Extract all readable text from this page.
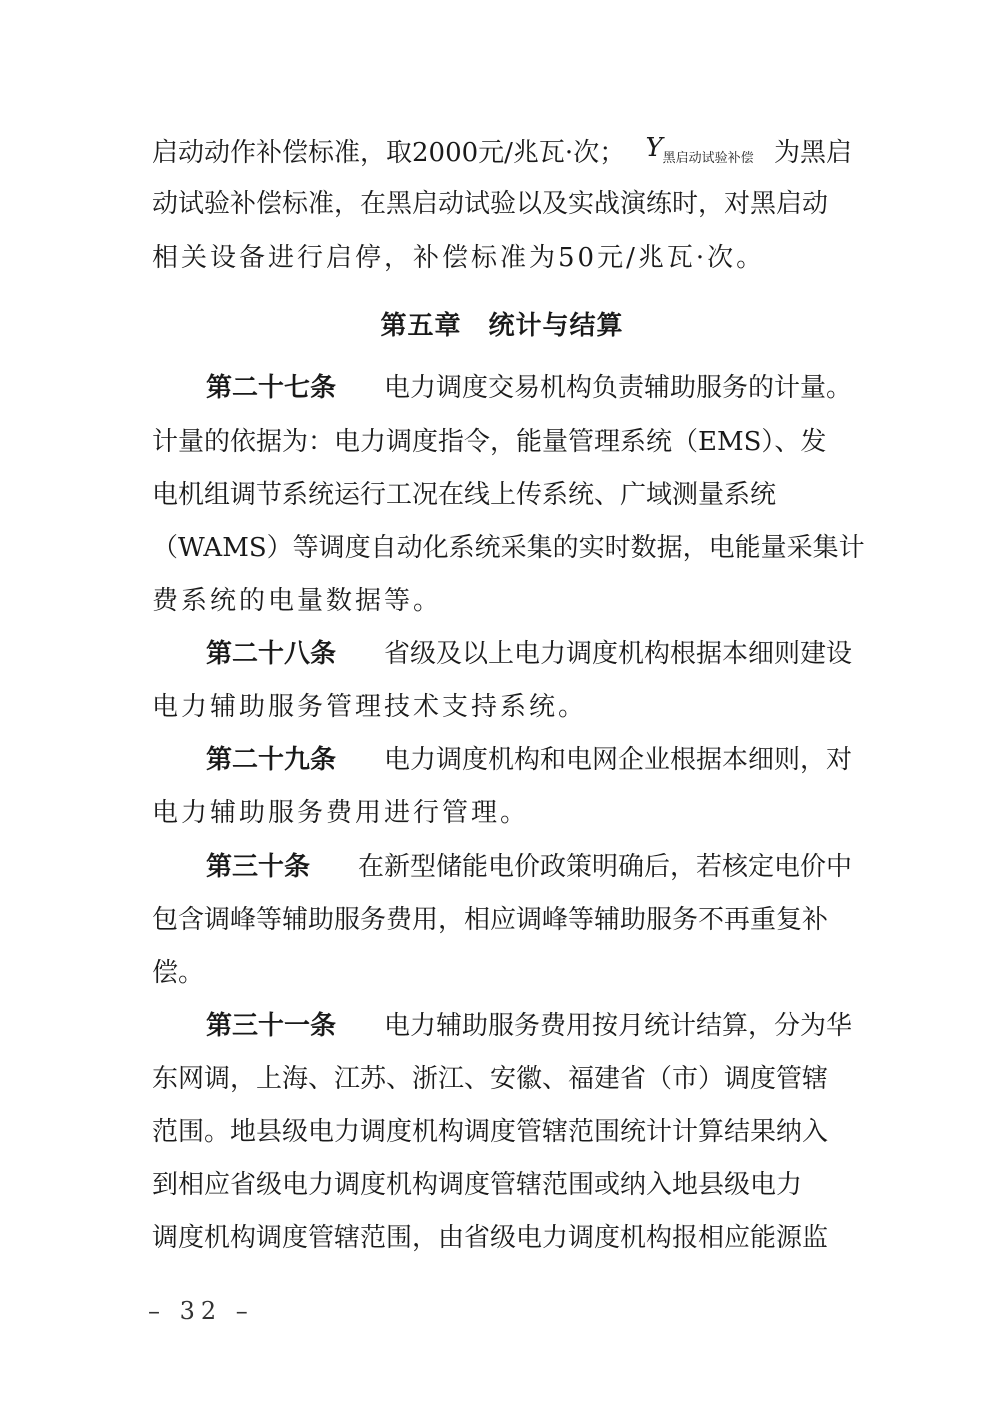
启动动作补偿标准，取2000元/兆瓦·次； $Y_{黑启动试验补偿}$ 为黑启
动试验补偿标准，在黑启动试验以及实战演练时，对黑启动
相关设备进行启停，补偿标准为50元/兆瓦·次。
第五章　统计与结算
第二十七条 电力调度交易机构负责辅助服务的计量。
计量的依据为：电力调度指令，能量管理系统（EMS）、发
电机组调节系统运行工况在线上传系统、广域测量系统
（WAMS）等调度自动化系统采集的实时数据，电能量采集计
费系统的电量数据等。
第二十八条 省级及以上电力调度机构根据本细则建设
电力辅助服务管理技术支持系统。
第二十九条 电力调度机构和电网企业根据本细则，对
电力辅助服务费用进行管理。
第三十条 在新型储能电价政策明确后，若核定电价中
包含调峰等辅助服务费用，相应调峰等辅助服务不再重复补
偿。
第三十一条 电力辅助服务费用按月统计结算，分为华
东网调，上海、江苏、浙江、安徽、福建省（市）调度管辖
范围。地县级电力调度机构调度管辖范围统计计算结果纳入
到相应省级电力调度机构调度管辖范围或纳入地县级电力
调度机构调度管辖范围，由省级电力调度机构报相应能源监
– 32 –
